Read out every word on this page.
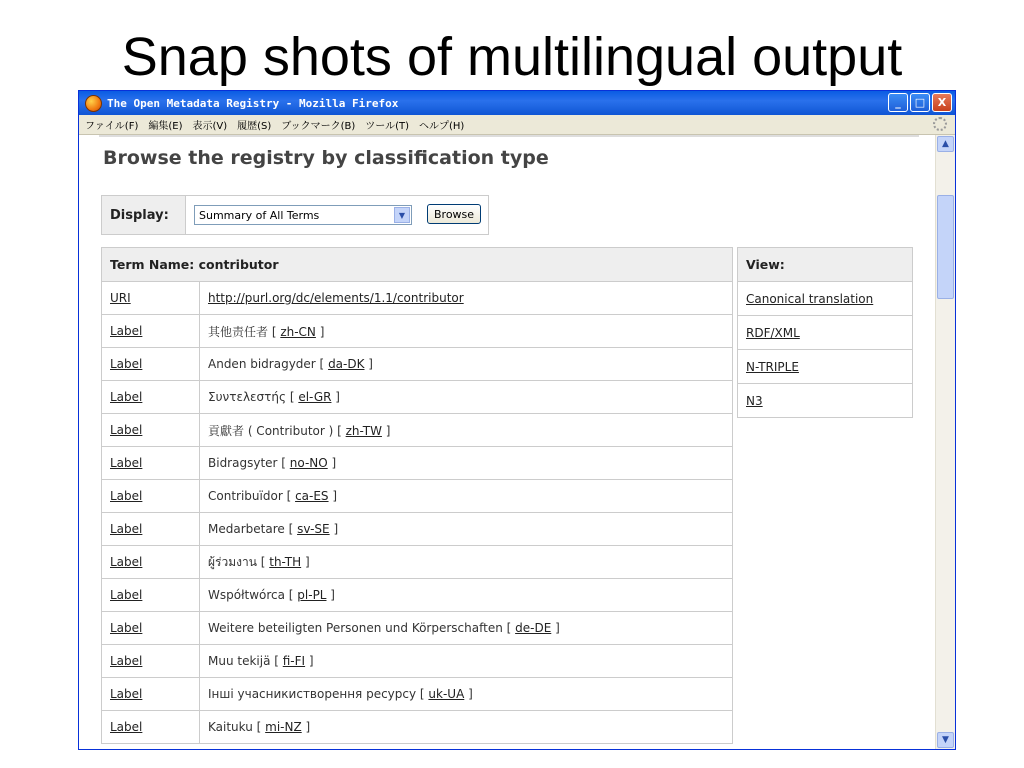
Snap shots of multilingual output
The Open Metadata Registry - Mozilla Firefox	_	□	X
ファイル(F) 編集(E) 表示(V) 履歴(S) ブックマーク(B) ツール(T) ヘルプ(H)
Browse the registry by classification type
Display:	Summary of All Terms	▼	Browse
Term Name: contributor	
URI	http://purl.org/dc/elements/1.1/contributor
Label	其他责任者 [ zh-CN ]
Label	Anden bidragyder [ da-DK ]
Label	Συντελεστής [ el-GR ]
Label	貢獻者 ( Contributor ) [ zh-TW ]
Label	Bidragsyter [ no-NO ]
Label	Contribuïdor [ ca-ES ]
Label	Medarbetare [ sv-SE ]
Label	ผู้ร่วมงาน [ th-TH ]
Label	Współtwórca [ pl-PL ]
Label	Weitere beteiligten Personen und Körperschaften [ de-DE ]
Label	Muu tekijä [ fi-FI ]
Label	Інші учасникистворення ресурсу [ uk-UA ]
Label	Kaituku [ mi-NZ ]
View:
Canonical translation
RDF/XML
N-TRIPLE
N3
▲
▼
